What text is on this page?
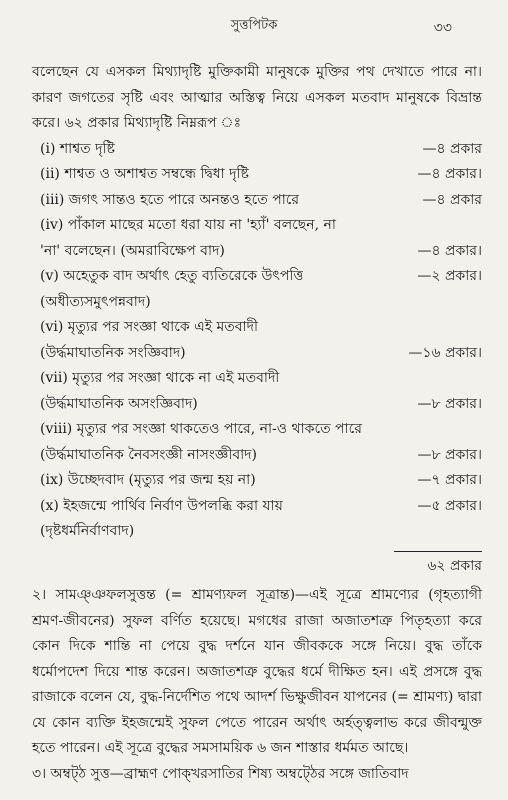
সুত্তপিটক	৩৩

বলেছেন যে এসকল মিথ্যাদৃষ্টি মুক্তিকামী মানুষকে মুক্তির পথ দেখাতে পারে না। কারণ জগতের সৃষ্টি এবং আত্মার অস্তিত্ব নিয়ে এসকল মতবাদ মানুষকে বিভ্রান্ত করে। ৬২ প্রকার মিথ্যাদৃষ্টি নিম্নরূপ ঃ

(i) শাশ্বত দৃষ্টি	—৪ প্রকার
(ii) শাশ্বত ও অশাশ্বত সম্বন্ধে দ্বিধা দৃষ্টি	—৪ প্রকার।
(iii) জগৎ সান্তও হতে পারে অনন্তও হতে পারে	—৪ প্রকার
(iv) পাঁকাল মাছের মতো ধরা যায় না 'হ্যাঁ' বলছেন, না
'না' বলেছেন। (অমরাবিক্ষেপ বাদ)	—৪ প্রকার।
(v) অহেতুক বাদ অর্থাৎ হেতু ব্যতিরেকে উৎপত্তি	—২ প্রকার।
(অধীত্যসমুৎপন্নবাদ)
(vi) মৃত্যুর পর সংজ্ঞা থাকে এই মতবাদী
(উর্দ্ধমাঘাতনিক সংজ্ঞিবাদ)	—১৬ প্রকার।
(vii) মৃত্যুর পর সংজ্ঞা থাকে না এই মতবাদী
(উর্দ্ধমাঘাতনিক অসংজ্ঞিবাদ)	—৮ প্রকার।
(viii) মৃত্যুর পর সংজ্ঞা থাকতেও পারে, না-ও থাকতে পারে
(উর্দ্ধমাঘাতনিক নৈবসংজ্ঞী নাসংজ্ঞীবাদ)	—৮ প্রকার।
(ix) উচ্ছেদবাদ (মৃত্যুর পর জন্ম হয় না)	—৭ প্রকার।
(x) ইহজন্মে পার্থিব নির্বাণ উপলব্ধি করা যায়	—৫ প্রকার।
(দৃষ্টধর্মনির্বাণবাদ)
৬২ প্রকার

২। সামঞ্ঞফলসুত্তন্ত (= শ্রামণ্যফল সূত্রান্ত)—এই সূত্রে শ্রামণ্যের (গৃহত্যাগী শ্রমণ-জীবনের) সুফল বর্ণিত হয়েছে। মগধের রাজা অজাতশত্রু পিতৃহত্যা করে কোন দিকে শান্তি না পেয়ে বুদ্ধ দর্শনে যান জীবককে সঙ্গে নিয়ে। বুদ্ধ তাঁকে ধর্মোপদেশ দিয়ে শান্ত করেন। অজাতশত্রু বুদ্ধের ধর্মে দীক্ষিত হন। এই প্রসঙ্গে বুদ্ধ রাজাকে বলেন যে, বুদ্ধ-নির্দেশিত পথে আদর্শ ভিক্ষুজীবন যাপনের (= শ্রামণ্য) দ্বারা যে কোন ব্যক্তি ইহজন্মেই সুফল পেতে পারেন অর্থাৎ অর্হত্ত্বলাভ করে জীবন্মুক্ত হতে পারেন। এই সূত্রে বুদ্ধের সমসাময়িক ৬ জন শাস্তার ধর্মমত আছে।

৩। অম্বট্ঠ সুত্ত—ব্রাহ্মণ পোক্খরসাতির শিষ্য অম্বট্ঠের সঙ্গে জাতিবাদ
